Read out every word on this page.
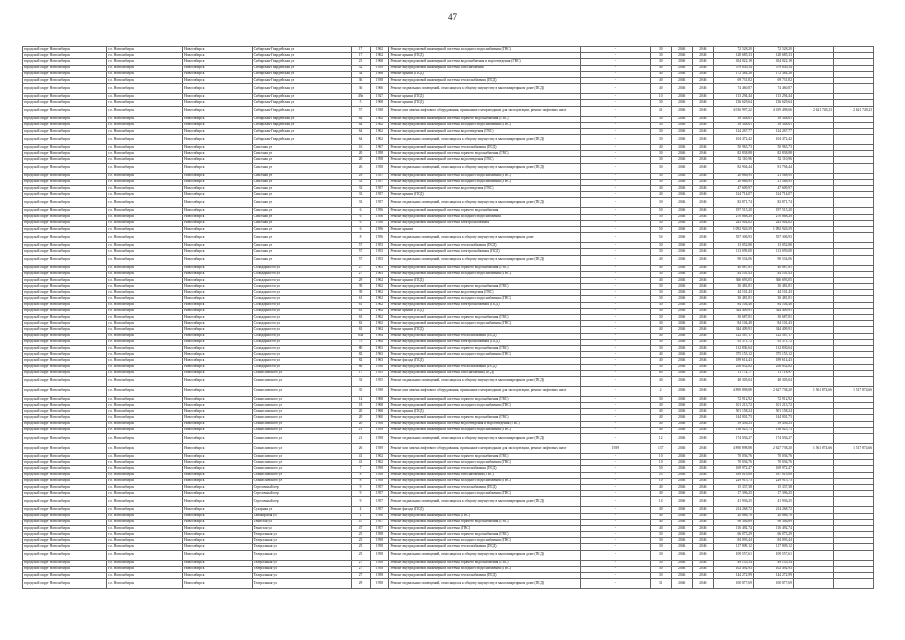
47
городской округ Новосибирск	г.о. Новосибирск	Новосибирск	Сибирская-Гвардейская ул	17	1962	Ремонт внутридомовой инженерной системы холодного водоснабжения (ГВС)	-	30	2046	2046	72 528,20	72 528,20		
городской округ Новосибирск	г.о. Новосибирск	Новосибирск	Сибирская-Гвардейская ул	17	1962	Ремонт крыши (ПСД)	-	30	2046	2046	128 685,33	128 685,33		
городской округ Новосибирск	г.о. Новосибирск	Новосибирск	Сибирская-Гвардейская ул	23	1968	Ремонт внутридомовой инженерной системы водоснабжения и водоотведения (ГВС)	-	40	2046	2046	454 022,18	454 022,18		
городской округ Новосибирск	г.о. Новосибирск	Новосибирск	Сибирская-Гвардейская ул	32	1959	Ремонт внутридомовой инженерной системы газоснабжения	-	40	2046	2046	379 630,34	379 630,34		
городской округ Новосибирск	г.о. Новосибирск	Новосибирск	Сибирская-Гвардейская ул	34	1966	Ремонт крыши (ПСД)	-	40	2046	2046	172 384,28	172 384,28		
городской округ Новосибирск	г.о. Новосибирск	Новосибирск	Сибирская-Гвардейская ул	36	1938	Ремонт внутридомовой инженерной системы теплоснабжения (ПСД)	-	40	2046	2046	69 731,82	69 731,82		
городской округ Новосибирск	г.о. Новосибирск	Новосибирск	Сибирская-Гвардейская ул	36	1966	Ремонт подвальных помещений, относящихся к общему имуществу в многоквартирном доме (ПСД)	-	40	2046	2046	74 460,87	74 460,87		
городской округ Новосибирск	г.о. Новосибирск	Новосибирск	Сибирская-Гвардейская ул	49а	1927	Ремонт крыши (ПСД)	-	10	2046	2046	113 294,44	113 294,44		
городской округ Новосибирск	г.о. Новосибирск	Новосибирск	Сибирская-Гвардейская ул	5	1968	Ремонт крыши (ПСД)	-	30	2046	2046	136 629,64	136 629,64		
городской округ Новосибирск	г.о. Новосибирск	Новосибирск	Сибирская-Гвардейская ул	57	1938	Ремонт или замена лифтового оборудования, признанного непригодным для эксплуатации, ремонт лифтовых шахт	-	41	2046	2046	4 016 997,22	4 019 498,06	2 621 749,23	2 621 749,23
городской округ Новосибирск	г.о. Новосибирск	Новосибирск	Сибирская-Гвардейская ул	64	1962	Ремонт внутридомовой инженерной системы горячего водоснабжения (ГВС)	-	30	2046	2046	39 348,61	39 348,61		
городской округ Новосибирск	г.о. Новосибирск	Новосибирск	Сибирская-Гвардейская ул	64	1962	Ремонт внутридомовой инженерной системы холодного водоснабжения (ГВС)	-	30	2046	2046	39 348,61	39 348,61		
городской округ Новосибирск	г.о. Новосибирск	Новосибирск	Сибирская-Гвардейская ул	64	1962	Ремонт внутридомовой инженерной системы водоотведения (ГВС)	-	30	2046	2046	124 267,77	124 267,77		
городской округ Новосибирск	г.о. Новосибирск	Новосибирск	Сибирская-Гвардейская ул	64	1962	Ремонт подвальных помещений, относящихся к общему имуществу в многоквартирном доме (ПСД)	-	30	2046	2046	104 472,42	104 472,42		
городской округ Новосибирск	г.о. Новосибирск	Новосибирск	Сиастная ул	16	1967	Ремонт внутридомовой инженерной системы теплоснабжения (ПСД)	-	40	2046	2046	50 963,73	50 963,73		
городской округ Новосибирск	г.о. Новосибирск	Новосибирск	Сиастная ул	20	1958	Ремонт внутридомовой инженерной системы горячего водоснабжения (ГВС)	-	30	2046	2046	82 838,88	82 838,88		
городской округ Новосибирск	г.о. Новосибирск	Новосибирск	Сиастная ул	20	1958	Ремонт внутридомовой инженерной системы водоотведения (ГВС)	-	30	2046	2046	52 110,96	52 110,96		
городской округ Новосибирск	г.о. Новосибирск	Новосибирск	Сиастная ул	26	1958	Ремонт подвальных помещений, относящихся к общему имуществу в многоквартирном доме (ПСД)	-	30	2046	2046	82 904,44	81 794,44		
городской округ Новосибирск	г.о. Новосибирск	Новосибирск	Сиастная ул	29	1957	Ремонт внутридомовой инженерной системы холодного водоснабжения (ГВС)	-	30	2046	2046	20 866,95	21 568,95		
городской округ Новосибирск	г.о. Новосибирск	Новосибирск	Сиастная ул	33	1957	Ремонт внутридомовой инженерной системы холодного водоснабжения (ГВС)	-	30	2046	2046	20 866,95	21 568,95		
городской округ Новосибирск	г.о. Новосибирск	Новосибирск	Сиастная ул	33	1957	Ремонт внутридомовой инженерной системы водоотведения (ГВС)	-	40	2046	2046	47 609,97	47 609,97		
городской округ Новосибирск	г.о. Новосибирск	Новосибирск	Сиастная ул	33	1957	Ремонт крыши (ПСД)	-	40	2046	2046	124 714,07	124 714,07		
городской округ Новосибирск	г.о. Новосибирск	Новосибирск	Сиастная ул	33	1957	Ремонт подвальных помещений, относящихся к общему имуществу в многоквартирном доме (ПСД)	-	30	2046	2046	82 871,74	82 871,74		
городской округ Новосибирск	г.о. Новосибирск	Новосибирск	Сиастная ул	6	1956	Ремонт внутридомовой инженерной системы горячего водоснабжения	-	50	2046	2046	197 515,20	197 515,20		
городской округ Новосибирск	г.о. Новосибирск	Новосибирск	Сиастная ул	6	1956	Ремонт внутридомовой инженерной системы холодного водоснабжения	-	50	2046	2046	270 668,20	270 668,20		
городской округ Новосибирск	г.о. Новосибирск	Новосибирск	Сиастная ул	6	1956	Ремонт внутридомовой инженерной системы электроснабжения	-	30	2046	2046	243 944,02	243 944,02		
городской округ Новосибирск	г.о. Новосибирск	Новосибирск	Сиастная ул	6	1956	Ремонт крыши	-	50	2046	2046	1 092 926,59	1 092 926,59		
городской округ Новосибирск	г.о. Новосибирск	Новосибирск	Сиастная ул	8	1956	Ремонт подвальных помещений, относящихся к общему имуществу в многоквартирном доме	-	54	2046	2046	557 306,93	557 306,93		
городской округ Новосибирск	г.о. Новосибирск	Новосибирск	Сиастная ул	57	1953	Ремонт внутридомовой инженерной системы теплоснабжения (ПСД)	-	30	2046	2046	13 052,80	13 052,80		
городской округ Новосибирск	г.о. Новосибирск	Новосибирск	Сиастная ул	57	1953	Ремонт внутридомовой инженерной системы электроснабжения (ПСД)	-	30	2046	2046	113 059,00	113 059,00		
городской округ Новосибирск	г.о. Новосибирск	Новосибирск	Сиастная ул	57	1953	Ремонт подвальных помещений, относящихся к общему имуществу в многоквартирном доме (ПСД)	-	40	2046	2046	90 534,06	90 534,06		
городской округ Новосибирск	г.о. Новосибирск	Новосибирск	Солидарности ул	27	1963	Ремонт внутридомовой инженерной системы горячего водоснабжения (ГВС)	-	40	2046	2046	40 687,81	40 687,81		
городской округ Новосибирск	г.о. Новосибирск	Новосибирск	Солидарности ул	27	1963	Ремонт внутридомовой инженерной системы холодного водоснабжения (ГВС)	-	30	2046	2046	44 101,43	44 101,43		
городской округ Новосибирск	г.о. Новосибирск	Новосибирск	Солидарности ул	29	1962	Ремонт крыши (ПСД)	-	40	2046	2046	366 693,05	366 693,05		
городской округ Новосибирск	г.о. Новосибирск	Новосибирск	Солидарности ул	39	1962	Ремонт внутридомовой инженерной системы горячего водоснабжения (ГВС)	-	30	2046	2046	30 481,81	30 481,81		
городской округ Новосибирск	г.о. Новосибирск	Новосибирск	Солидарности ул	39	1962	Ремонт внутридомовой инженерной системы водоотведения (ГВС)	-	30	2046	2046	44 101,43	44 101,43		
городской округ Новосибирск	г.о. Новосибирск	Новосибирск	Солидарности ул	61	1962	Ремонт внутридомовой инженерной системы холодного водоснабжения (ГВС)	-	30	2046	2046	30 481,81	30 481,81		
городской округ Новосибирск	г.о. Новосибирск	Новосибирск	Солидарности ул	61	1962	Ремонт внутридомовой инженерной системы электроснабжения (ПСД)	-	30	2046	2046	84 104,40	84 104,40		
городской округ Новосибирск	г.о. Новосибирск	Новосибирск	Солидарности ул	61	1962	Ремонт крыши (ПСД)	-	30	2046	2046	344 409,91	344 409,91		
городской округ Новосибирск	г.о. Новосибирск	Новосибирск	Солидарности ул	63	1962	Ремонт внутридомовой инженерной системы горячего водоснабжения (ГВС)	-	30	2046	2046	30 687,81	30 687,81		
городской округ Новосибирск	г.о. Новосибирск	Новосибирск	Солидарности ул	63	1962	Ремонт внутридомовой инженерной системы холодного водоснабжения (ГВС)	-	30	2046	2046	84 104,40	84 101,43		
городской округ Новосибирск	г.о. Новосибирск	Новосибирск	Солидарности ул	63	1962	Ремонт крыши (ПСД)	-	40	2046	2046	344 409,91	344 409,91		
городской округ Новосибирск	г.о. Новосибирск	Новосибирск	Солидарности ул	63а	1964	Ремонт внутридомовой инженерной системы теплоснабжения (ПСД)	-	40	2046	2046	122 567,17	122 567,17		
городской округ Новосибирск	г.о. Новосибирск	Новосибирск	Солидарности ул	75	1964	Ремонт внутридомовой инженерной системы электроснабжения (ПСД)	-	30	2046	2046	92 371,72	92 371,72		
городской округ Новосибирск	г.о. Новосибирск	Новосибирск	Солидарности ул	80	1963	Ремонт внутридомовой инженерной системы горячего водоснабжения (ГВС)	-	30	2046	2046	112 830,64	112 830,64		
городской округ Новосибирск	г.о. Новосибирск	Новосибирск	Солидарности ул	82	1963	Ремонт внутридомовой инженерной системы холодного водоснабжения (ГВС)	-	40	2046	2046	375 153,12	375 153,12		
городской округ Новосибирск	г.о. Новосибирск	Новосибирск	Солидарности ул	82	1963	Ремонт фасада (ПСД)	-	40	2046	2046	189 614,43	189 614,43		
городской округ Новосибирск	г.о. Новосибирск	Новосибирск	Солидарности ул	86	1956	Ремонт внутридомовой инженерной системы теплоснабжения (ПСД)	-	30	2046	2046	256 632,82	256 632,82		
городской округ Новосибирск	г.о. Новосибирск	Новосибирск	Станиславского ул	17	1955	Ремонт внутридомовой инженерной системы газоснабжения (ПСД)	-	60	2046	2046	11 774,77	11 718,97		
городской округ Новосибирск	г.о. Новосибирск	Новосибирск	Станиславского ул	33	1955	Ремонт подвальных помещений, относящихся к общему имуществу в многоквартирном доме (ПСД)	-	40	2046	2046	48 305,04	48 305,04		
городской округ Новосибирск	г.о. Новосибирск	Новосибирск	Станиславского ул	35	1939	Ремонт или замена лифтового оборудования, признанного непригодным для эксплуатации, ремонт лифтовых шахт	-	2	2046	2046	4 890 898,88	2 627 738,20	1 561 874,66	1 517 874,66
городской округ Новосибирск	г.о. Новосибирск	Новосибирск	Станиславского ул	14	1968	Ремонт внутридомовой инженерной системы горячего водоснабжения (ГВС)	-	30	2046	2046	72 912,92	72 912,92		
городской округ Новосибирск	г.о. Новосибирск	Новосибирск	Станиславского ул	18	1968	Ремонт внутридомовой инженерной системы холодного водоснабжения (ГВС)	-	40	2046	2046	101 213,72	101 213,72		
городской округ Новосибирск	г.о. Новосибирск	Новосибирск	Станиславского ул	20	1968	Ремонт крыши (ПСД)	-	40	2046	2046	501 158,24	501 158,24		
городской округ Новосибирск	г.о. Новосибирск	Новосибирск	Станиславского ул	20	1960	Ремонт внутридомовой инженерной системы горячего водоснабжения (ГВС)	-	40	2046	2046	144 001,73	144 001,73		
городской округ Новосибирск	г.о. Новосибирск	Новосибирск	Станиславского ул	20	1958	Ремонт внутридомовой инженерной системы водоотведения и водоотведения (ГВС)	-	40	2046	2046	59 456,23	59 456,23		
городской округ Новосибирск	г.о. Новосибирск	Новосибирск	Станиславского ул	21	1959	Ремонт внутридомовой инженерной системы холодного водоснабжения (ГВС)	-	40	2046	2046	136 025,73	136 025,73		
городской округ Новосибирск	г.о. Новосибирск	Новосибирск	Станиславского ул	21	1958	Ремонт подвальных помещений, относящихся к общему имуществу в многоквартирном доме (ПСД)	-	12	2046	2046	174 036,27	174 036,27		
городской округ Новосибирск	г.о. Новосибирск	Новосибирск	Станиславского ул	26	1939	Ремонт или замена лифтового оборудования, признанного непригодным для эксплуатации, ремонт лифтовых шахт	1939	137	2046	2046	4 890 898,88	2 627 738,20	1 561 874,66	1 517 874,66
городской округ Новосибирск	г.о. Новосибирск	Новосибирск	Станиславского ул	41	1962	Ремонт внутридомовой инженерной системы горячего водоснабжения (ГВС)	-	10	2046	2046	70 036,76	70 036,76		
городской округ Новосибирск	г.о. Новосибирск	Новосибирск	Станиславского ул	41	1962	Ремонт внутридомовой инженерной системы холодного водоснабжения (ГВС)	-	10	2046	2046	70 036,76	70 036,76		
городской округ Новосибирск	г.о. Новосибирск	Новосибирск	Станиславского ул	7	1958	Ремонт внутридомовой инженерной системы теплоснабжения (ПСД)	-	50	2046	2046	169 972,47	169 972,47		
городской округ Новосибирск	г.о. Новосибирск	Новосибирск	Станиславского ул	8	1958	Ремонт внутридомовой инженерной системы газоснабжения (ГВС)	-	55	2046	2046	189 019,00	187 019,00		
городской округ Новосибирск	г.о. Новосибирск	Новосибирск	Станиславского ул	8	1958	Ремонт внутридомовой инженерной системы холодного водоснабжения (ГВС)	-	10	2046	2046	229 915,73	229 915,73		
городской округ Новосибирск	г.о. Новосибирск	Новосибирск	Стрелочный пер	9	1957	Ремонт внутридомовой инженерной системы теплоснабжения (ПСД)	-	40	2046	2046	15 337,38	15 337,38		
городской округ Новосибирск	г.о. Новосибирск	Новосибирск	Стрелочный пер	9	1957	Ремонт внутридомовой инженерной системы холодного водоснабжения (ГВС)	-	40	2046	2046	17 396,25	17 396,25		
городской округ Новосибирск	г.о. Новосибирск	Новосибирск	Стрелочный пер	9	1957	Ремонт подвальных помещений, относящихся к общему имуществу в многоквартирном доме (ПСД)	-	14	2046	2046	41 936,25	41 936,25		
городской округ Новосибирск	г.о. Новосибирск	Новосибирск	Сухарная ул	4	1957	Ремонт фасада (ПСД)	-	40	2046	2046	214 268,72	214 268,72		
городской округ Новосибирск	г.о. Новосибирск	Новосибирск	Таймырская ул	2	1956	Ремонт внутридомовой инженерной системы (ГВС)	-	40	2046	2046	20 686,70	20 686,70		
городской округ Новосибирск	г.о. Новосибирск	Новосибирск	Тенистая ул	47	1957	Ремонт внутридомовой инженерной системы горячего водоснабжения (ГВС)	-	40	2046	2046	98 346,69	98 346,69		
городской округ Новосибирск	г.о. Новосибирск	Новосибирск	Тенистая ул	47	1957	Ремонт внутридомовой инженерной системы (ГВС)	-	40	2046	2046	116 492,74	116 492,74		
городской округ Новосибирск	г.о. Новосибирск	Новосибирск	Театральная ул	25	1958	Ремонт внутридомовой инженерной системы горячего водоснабжения (ГВС)	-	30	2046	2046	66 073,29	66 073,29		
городской округ Новосибирск	г.о. Новосибирск	Новосибирск	Театральная ул	25	1958	Ремонт внутридомовой инженерной системы холодного водоснабжения (ГВС)	-	30	2046	2046	84 093,44	84 093,44		
городской округ Новосибирск	г.о. Новосибирск	Новосибирск	Театральная ул	25	1958	Ремонт внутридомовой инженерной системы теплоснабжения (ПСД)	-	30	2046	2046	117 809,12	117 809,12		
городской округ Новосибирск	г.о. Новосибирск	Новосибирск	Театральная ул	25	1958	Ремонт подвальных помещений, относящихся к общему имуществу в многоквартирном доме (ПСД)	-	30	2046	2046	109 557,61	109 557,61		
городской округ Новосибирск	г.о. Новосибирск	Новосибирск	Театральная ул	27	1958	Ремонт внутридомовой инженерной системы горячего водоснабжения (ГВС)	-	30	2046	2046	49 135,54	49 135,54		
городской округ Новосибирск	г.о. Новосибирск	Новосибирск	Театральная ул	27	1958	Ремонт внутридомовой инженерной системы холодного водоснабжения (ГВС)	-	30	2046	2046	102 492,93	102 492,93		
городской округ Новосибирск	г.о. Новосибирск	Новосибирск	Театральная ул	27	1958	Ремонт внутридомовой инженерной системы теплоснабжения (ПСД)	-	30	2046	2046	144 272,99	144 272,99		
городской округ Новосибирск	г.о. Новосибирск	Новосибирск	Театральная ул	29	1958	Ремонт подвальных помещений, относящихся к общему имуществу в многоквартирном доме (ПСД)	-	31	2046	2046	100 877,69	100 877,69		
